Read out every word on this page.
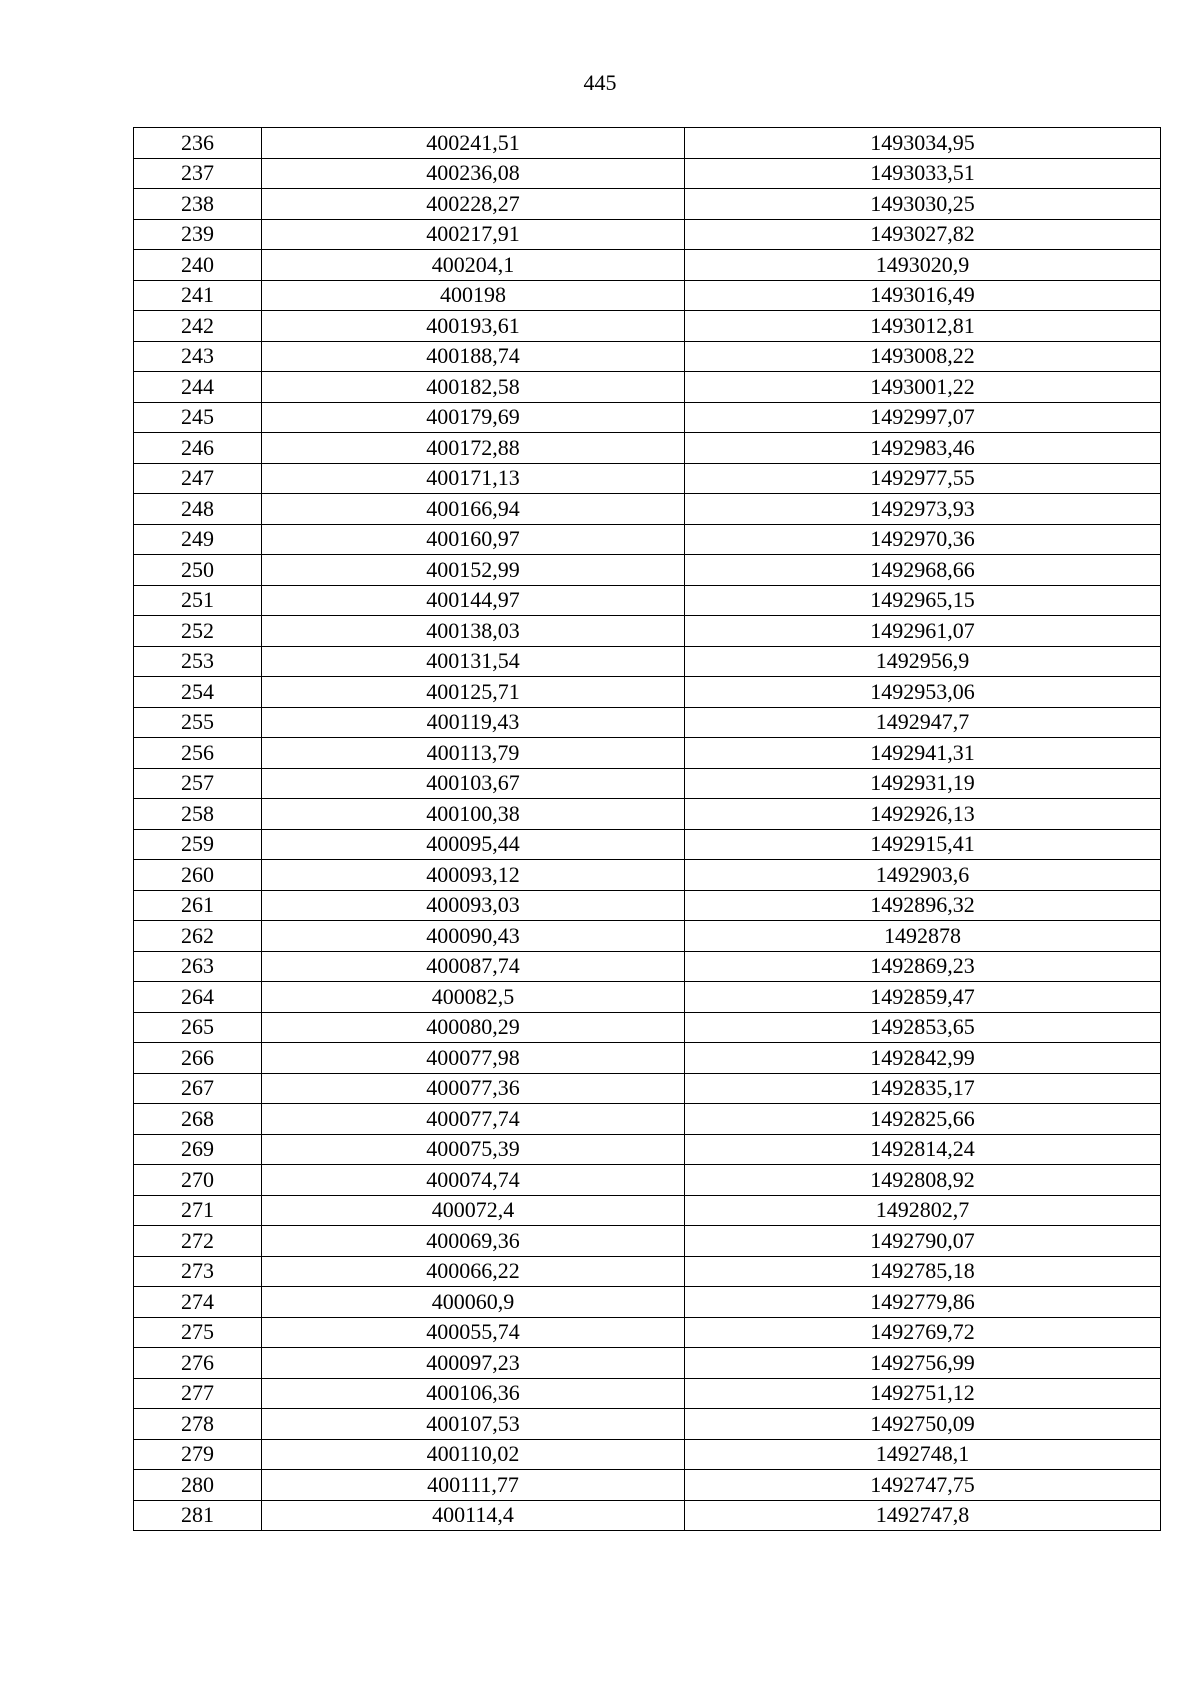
445
236	400241,51	1493034,95
237	400236,08	1493033,51
238	400228,27	1493030,25
239	400217,91	1493027,82
240	400204,1	1493020,9
241	400198	1493016,49
242	400193,61	1493012,81
243	400188,74	1493008,22
244	400182,58	1493001,22
245	400179,69	1492997,07
246	400172,88	1492983,46
247	400171,13	1492977,55
248	400166,94	1492973,93
249	400160,97	1492970,36
250	400152,99	1492968,66
251	400144,97	1492965,15
252	400138,03	1492961,07
253	400131,54	1492956,9
254	400125,71	1492953,06
255	400119,43	1492947,7
256	400113,79	1492941,31
257	400103,67	1492931,19
258	400100,38	1492926,13
259	400095,44	1492915,41
260	400093,12	1492903,6
261	400093,03	1492896,32
262	400090,43	1492878
263	400087,74	1492869,23
264	400082,5	1492859,47
265	400080,29	1492853,65
266	400077,98	1492842,99
267	400077,36	1492835,17
268	400077,74	1492825,66
269	400075,39	1492814,24
270	400074,74	1492808,92
271	400072,4	1492802,7
272	400069,36	1492790,07
273	400066,22	1492785,18
274	400060,9	1492779,86
275	400055,74	1492769,72
276	400097,23	1492756,99
277	400106,36	1492751,12
278	400107,53	1492750,09
279	400110,02	1492748,1
280	400111,77	1492747,75
281	400114,4	1492747,8
